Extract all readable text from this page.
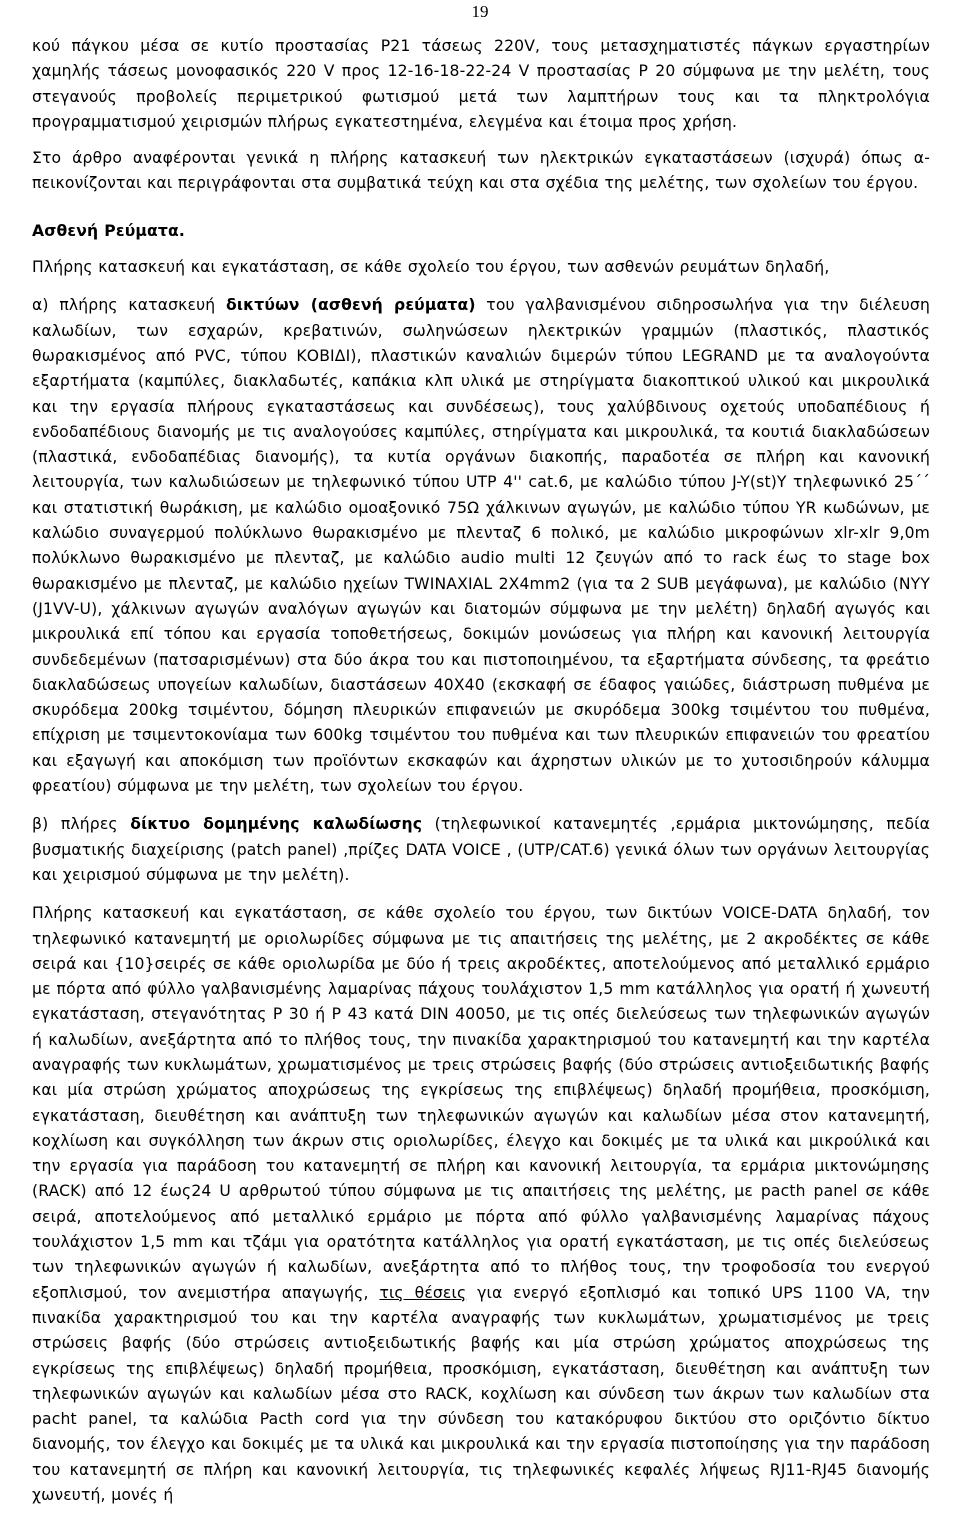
19

κού πάγκου μέσα σε κυτίο προστασίας P21 τάσεως 220V, τους μετασχηματιστές πάγκων εργαστηρίων χαμηλής τάσεως μονοφασικός 220 V προς 12-16-18-22-24 V προστασίας P 20 σύμφωνα με την μελέτη, τους στεγανούς προβολείς περιμετρικού φωτισμού μετά των λαμπτήρων τους και τα πληκτρολόγια προγραμματισμού χειρισμών πλήρως εγκατεστημένα, ελεγμένα και έτοιμα προς χρήση.

Στο άρθρο αναφέρονται γενικά η πλήρης κατασκευή των ηλεκτρικών εγκαταστάσεων (ισχυρά) όπως α-πεικονίζονται και περιγράφονται στα συμβατικά τεύχη και στα σχέδια της μελέτης, των σχολείων του έργου.

Ασθενή Ρεύματα.

Πλήρης κατασκευή και εγκατάσταση, σε κάθε σχολείο του έργου, των ασθενών ρευμάτων δηλαδή,

α) πλήρης κατασκευή δικτύων (ασθενή ρεύματα) του γαλβανισμένου σιδηροσωλήνα για την διέλευση καλωδίων, των εσχαρών, κρεβατινών, σωληνώσεων ηλεκτρικών γραμμών (πλαστικός, πλαστικός θωρακισμένος από PVC, τύπου ΚΟΒΙΔΙ), πλαστικών καναλιών διμερών τύπου LEGRAND με τα αναλογούντα εξαρτήματα (καμπύλες, διακλαδωτές, καπάκια κλπ υλικά με στηρίγματα διακοπτικού υλικού και μικρουλικά και την εργασία πλήρους εγκαταστάσεως και συνδέσεως), τους χαλύβδινους οχετούς υποδαπέδιους ή ενδοδαπέδιους διανομής με τις αναλογούσες καμπύλες, στηρίγματα και μικρουλικά, τα κουτιά διακλαδώσεων (πλαστικά, ενδοδαπέδιας διανομής), τα κυτία οργάνων διακοπής, παραδοτέα σε πλήρη και κανονική λειτουργία, των καλωδιώσεων με τηλεφωνικό τύπου UTP 4'' cat.6, με καλώδιο τύπου J-Y(st)Y τηλεφωνικό 25΄΄ και στατιστική θωράκιση, με καλώδιο ομοαξονικό 75Ω χάλκινων αγωγών, με καλώδιο τύπου YR κωδώνων, με καλώδιο συναγερμού πολύκλωνο θωρακισμένο με πλενταζ 6 πολικό, με καλώδιο μικροφώνων xlr-xlr 9,0m πολύκλωνο θωρακισμένο με πλενταζ, με καλώδιο audio multi 12 ζευγών από το rack έως το stage box θωρακισμένο με πλενταζ, με καλώδιο ηχείων TWINAXIAL 2X4mm2 (για τα 2 SUB μεγάφωνα), με καλώδιο (NYY (J1VV-U), χάλκινων αγωγών αναλόγων αγωγών και διατομών σύμφωνα με την μελέτη) δηλαδή αγωγός και μικρουλικά επί τόπου και εργασία τοποθετήσεως, δοκιμών μονώσεως για πλήρη και κανονική λειτουργία συνδεδεμένων (πατσαρισμένων) στα δύο άκρα του και πιστοποιημένου, τα εξαρτήματα σύνδεσης, τα φρεάτιο διακλαδώσεως υπογείων καλωδίων, διαστάσεων 40X40 (εκσκαφή σε έδαφος γαιώδες, διάστρωση πυθμένα με σκυρόδεμα 200kg τσιμέντου, δόμηση πλευρικών επιφανειών με σκυρόδεμα 300kg τσιμέντου του πυθμένα, επίχριση με τσιμεντοκονίαμα των 600kg τσιμέντου του πυθμένα και των πλευρικών επιφανειών του φρεατίου και εξαγωγή και αποκόμιση των προϊόντων εκσκαφών και άχρηστων υλικών με το χυτοσιδηρούν κάλυμμα φρεατίου) σύμφωνα με την μελέτη, των σχολείων του έργου.

β) πλήρες δίκτυο δομημένης καλωδίωσης (τηλεφωνικοί κατανεμητές ,ερμάρια μικτονώμησης, πεδία βυσματικής διαχείρισης (patch panel) ,πρίζες DATA VOICE , (UTP/CAT.6) γενικά όλων των οργάνων λειτουργίας και χειρισμού σύμφωνα με την μελέτη).

Πλήρης κατασκευή και εγκατάσταση, σε κάθε σχολείο του έργου, των δικτύων VOICE-DATA δηλαδή, τον τηλεφωνικό κατανεμητή με οριολωρίδες σύμφωνα με τις απαιτήσεις της μελέτης, με 2 ακροδέκτες σε κάθε σειρά και {10}σειρές σε κάθε οριολωρίδα με δύο ή τρεις ακροδέκτες, αποτελούμενος από μεταλλικό ερμάριο με πόρτα από φύλλο γαλβανισμένης λαμαρίνας πάχους τουλάχιστον 1,5 mm κατάλληλος για ορατή ή χωνευτή εγκατάσταση, στεγανότητας P 30 ή P 43 κατά DIN 40050, με τις οπές διελεύσεως των τηλεφωνικών αγωγών ή καλωδίων, ανεξάρτητα από το πλήθος τους, την πινακίδα χαρακτηρισμού του κατανεμητή και την καρτέλα αναγραφής των κυκλωμάτων, χρωματισμένος με τρεις στρώσεις βαφής (δύο στρώσεις αντιοξειδωτικής βαφής και μία στρώση χρώματος αποχρώσεως της εγκρίσεως της επιβλέψεως) δηλαδή προμήθεια, προσκόμιση, εγκατάσταση, διευθέτηση και ανάπτυξη των τηλεφωνικών αγωγών και καλωδίων μέσα στον κατανεμητή, κοχλίωση και συγκόλληση των άκρων στις οριολωρίδες, έλεγχο και δοκιμές με τα υλικά και μικρούλικά και την εργασία για παράδοση του κατανεμητή σε πλήρη και κανονική λειτουργία, τα ερμάρια μικτονώμησης (RACK) από 12 έως24 U αρθρωτού τύπου σύμφωνα με τις απαιτήσεις της μελέτης, με pacth panel σε κάθε σειρά, αποτελούμενος από μεταλλικό ερμάριο με πόρτα από φύλλο γαλβανισμένης λαμαρίνας πάχους τουλάχιστον 1,5 mm και τζάμι για ορατότητα κατάλληλος για ορατή εγκατάσταση, με τις οπές διελεύσεως των τηλεφωνικών αγωγών ή καλωδίων, ανεξάρτητα από το πλήθος τους, την τροφοδοσία του ενεργού εξοπλισμού, τον ανεμιστήρα απαγωγής, τις θέσεις για ενεργό εξοπλισμό και τοπικό UPS 1100 VA, την πινακίδα χαρακτηρισμού του και την καρτέλα αναγραφής των κυκλωμάτων, χρωματισμένος με τρεις στρώσεις βαφής (δύο στρώσεις αντιοξειδωτικής βαφής και μία στρώση χρώματος αποχρώσεως της εγκρίσεως της επιβλέψεως) δηλαδή προμήθεια, προσκόμιση, εγκατάσταση, διευθέτηση και ανάπτυξη των τηλεφωνικών αγωγών και καλωδίων μέσα στο RACK, κοχλίωση και σύνδεση των άκρων των καλωδίων στα pacht panel, τα καλώδια Pacth cord για την σύνδεση του κατακόρυφου δικτύου στο οριζόντιο δίκτυο διανομής, τον έλεγχο και δοκιμές με τα υλικά και μικρουλικά και την εργασία πιστοποίησης για την παράδοση του κατανεμητή σε πλήρη και κανονική λειτουργία, τις τηλεφωνικές κεφαλές λήψεως RJ11-RJ45 διανομής χωνευτή, μονές ή
